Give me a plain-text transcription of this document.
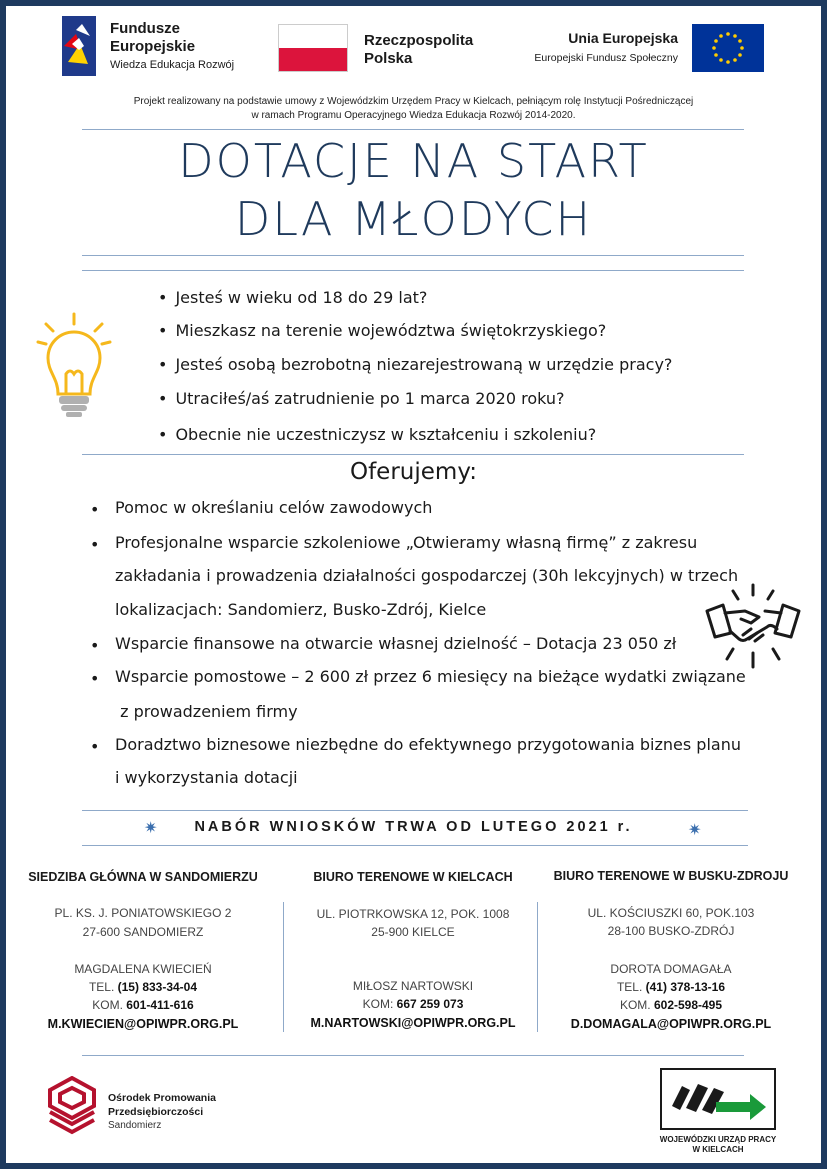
Fundusze
Europejskie
Wiedza Edukacja Rozwój
Rzeczpospolita
Polska
Unia Europejska
Europejski Fundusz Społeczny
Projekt realizowany na podstawie umowy z Wojewódzkim Urzędem Pracy w Kielcach, pełniącym rolę Instytucji Pośredniczącej
w ramach Programu Operacyjnego Wiedza Edukacja Rozwój 2014-2020.
DOTACJE NA START
DLA MŁODYCH
• Jesteś w wieku od 18 do 29 lat?
• Mieszkasz na terenie województwa świętokrzyskiego?
• Jesteś osobą bezrobotną niezarejestrowaną w urzędzie pracy?
• Utraciłeś/aś zatrudnienie po 1 marca 2020 roku?
• Obecnie nie uczestniczysz w kształceniu i szkoleniu?
Oferujemy:
• Pomoc w określaniu celów zawodowych
• Profesjonalne wsparcie szkoleniowe „Otwieramy własną firmę” z zakresu
zakładania i prowadzenia działalności gospodarczej (30h lekcyjnych) w trzech
lokalizacjach: Sandomierz, Busko-Zdrój, Kielce
• Wsparcie finansowe na otwarcie własnej dzielność – Dotacja 23 050 zł
• Wsparcie pomostowe – 2 600 zł przez 6 miesięcy na bieżące wydatki związane
z prowadzeniem firmy
• Doradztwo biznesowe niezbędne do efektywnego przygotowania biznes planu
i wykorzystania dotacji
✷	NABÓR WNIOSKÓW TRWA OD LUTEGO 2021 r.	✷
SIEDZIBA GŁÓWNA W SANDOMIERZU
PL. KS. J. PONIATOWSKIEGO 2
27-600 SANDOMIERZ
MAGDALENA KWIECIEŃ
TEL. (15) 833-34-04
KOM. 601-411-616
M.KWIECIEN@OPIWPR.ORG.PL
BIURO TERENOWE W KIELCACH
UL. PIOTRKOWSKA 12, POK. 1008
25-900 KIELCE
MIŁOSZ NARTOWSKI
KOM: 667 259 073
M.NARTOWSKI@OPIWPR.ORG.PL
BIURO TERENOWE W BUSKU-ZDROJU
UL. KOŚCIUSZKI 60, POK.103
28-100 BUSKO-ZDRÓJ
DOROTA DOMAGAŁA
TEL. (41) 378-13-16
KOM. 602-598-495
D.DOMAGALA@OPIWPR.ORG.PL
Ośrodek Promowania
Przedsiębiorczości
Sandomierz
WOJEWÓDZKI URZĄD PRACY
W KIELCACH
